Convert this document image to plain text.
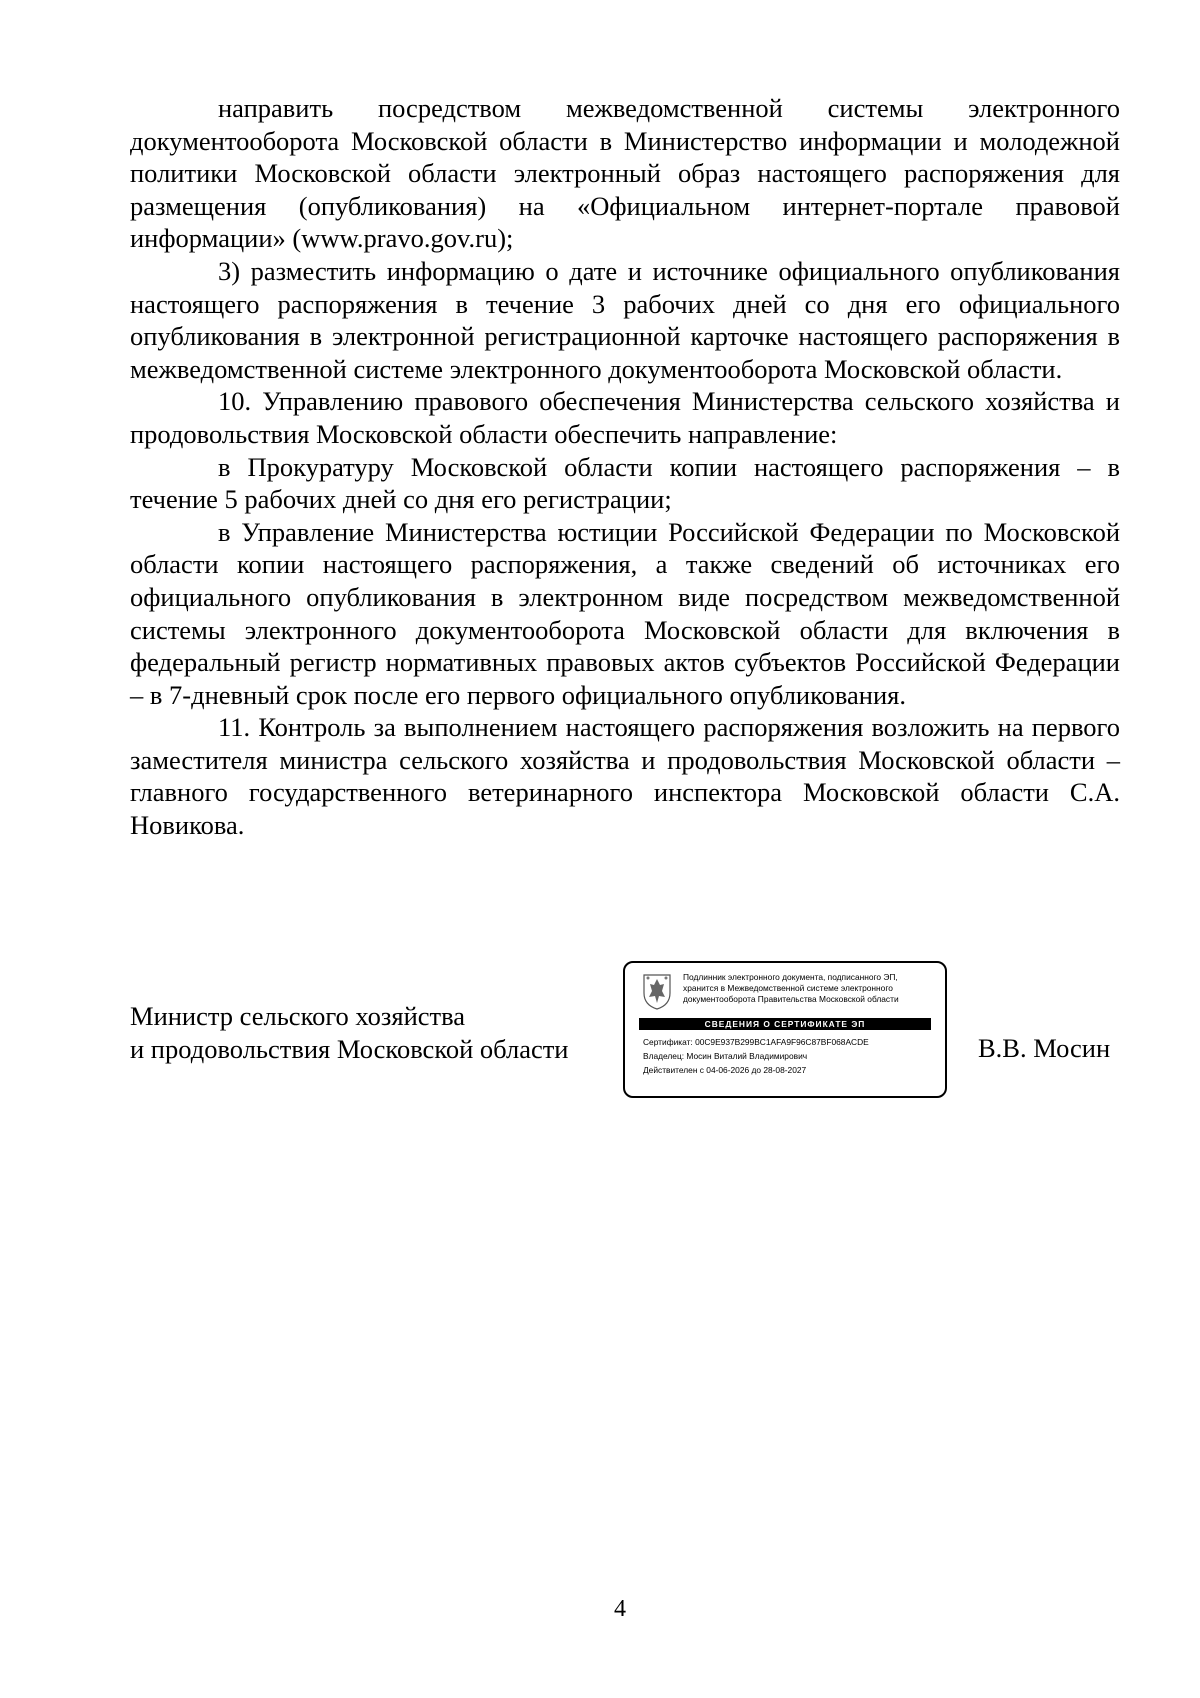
направить посредством межведомственной системы электронного документооборота Московской области в Министерство информации и молодежной политики Московской области электронный образ настоящего распоряжения для размещения (опубликования) на «Официальном интернет-портале правовой информации» (www.pravo.gov.ru);

3) разместить информацию о дате и источнике официального опубликования настоящего распоряжения в течение 3 рабочих дней со дня его официального опубликования в электронной регистрационной карточке настоящего распоряжения в межведомственной системе электронного документооборота Московской области.

10. Управлению правового обеспечения Министерства сельского хозяйства и продовольствия Московской области обеспечить направление:

в Прокуратуру Московской области копии настоящего распоряжения – в течение 5 рабочих дней со дня его регистрации;

в Управление Министерства юстиции Российской Федерации по Московской области копии настоящего распоряжения, а также сведений об источниках его официального опубликования в электронном виде посредством межведомственной системы электронного документооборота Московской области для включения в федеральный регистр нормативных правовых актов субъектов Российской Федерации – в 7-дневный срок после его первого официального опубликования.

11. Контроль за выполнением настоящего распоряжения возложить на первого заместителя министра сельского хозяйства и продовольствия Московской области – главного государственного ветеринарного инспектора Московской области С.А. Новикова.

Министр сельского хозяйства
и продовольствия Московской области
Подлинник электронного документа, подписанного ЭП,
хранится в Межведомственной системе электронного
документооборота Правительства Московской области
СВЕДЕНИЯ О СЕРТИФИКАТЕ ЭП
Сертификат: 00C9E937B299BC1AFA9F96C87BF068ACDE
Владелец: Мосин Виталий Владимирович
Действителен с 04-06-2026 до 28-08-2027
В.В. Мосин
4
